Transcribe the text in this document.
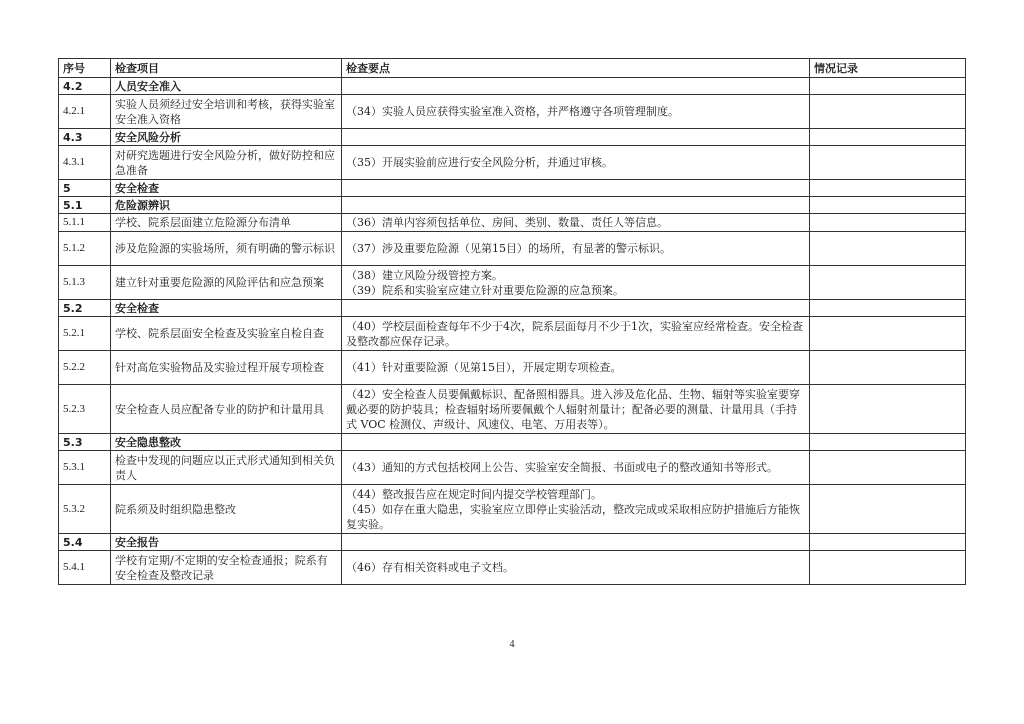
序号	检查项目	检查要点	情况记录
4.2	人员安全准入		
4.2.1	实验人员须经过安全培训和考核，获得实验室安全准入资格	（34）实验人员应获得实验室准入资格，并严格遵守各项管理制度。	

4.3	安全风险分析		
4.3.1	对研究选题进行安全风险分析，做好防控和应急准备	（35）开展实验前应进行安全风险分析，并通过审核。	

5	安全检查		
5.1	危险源辨识		
5.1.1	学校、院系层面建立危险源分布清单	（36）清单内容须包括单位、房间、类别、数量、责任人等信息。	

5.1.2	涉及危险源的实验场所，须有明确的警示标识	（37）涉及重要危险源（见第15目）的场所，有显著的警示标识。	

5.1.3	建立针对重要危险源的风险评估和应急预案	（38）建立风险分级管控方案。
（39）院系和实验室应建立针对重要危险源的应急预案。	

5.2	安全检查		
5.2.1	学校、院系层面安全检查及实验室自检自查	（40）学校层面检查每年不少于4次，院系层面每月不少于1次，实验室应经常检查。安全检查及整改都应保存记录。	

5.2.2	针对高危实验物品及实验过程开展专项检查	（41）针对重要险源（见第15目），开展定期专项检查。	

5.2.3	安全检查人员应配备专业的防护和计量用具	（42）安全检查人员要佩戴标识、配备照相器具。进入涉及危化品、生物、辐射等实验室要穿戴必要的防护装具；检查辐射场所要佩戴个人辐射剂量计；配备必要的测量、计量用具（手持式 VOC 检测仪、声级计、风速仪、电笔、万用表等）。	

5.3	安全隐患整改		
5.3.1	检查中发现的问题应以正式形式通知到相关负责人	（43）通知的方式包括校网上公告、实验室安全简报、书面或电子的整改通知书等形式。	

5.3.2	院系须及时组织隐患整改	（44）整改报告应在规定时间内提交学校管理部门。
（45）如存在重大隐患，实验室应立即停止实验活动，整改完成或采取相应防护措施后方能恢复实验。	

5.4	安全报告		
5.4.1	学校有定期/不定期的安全检查通报；院系有安全检查及整改记录	（46）存有相关资料或电子文档。	

4
